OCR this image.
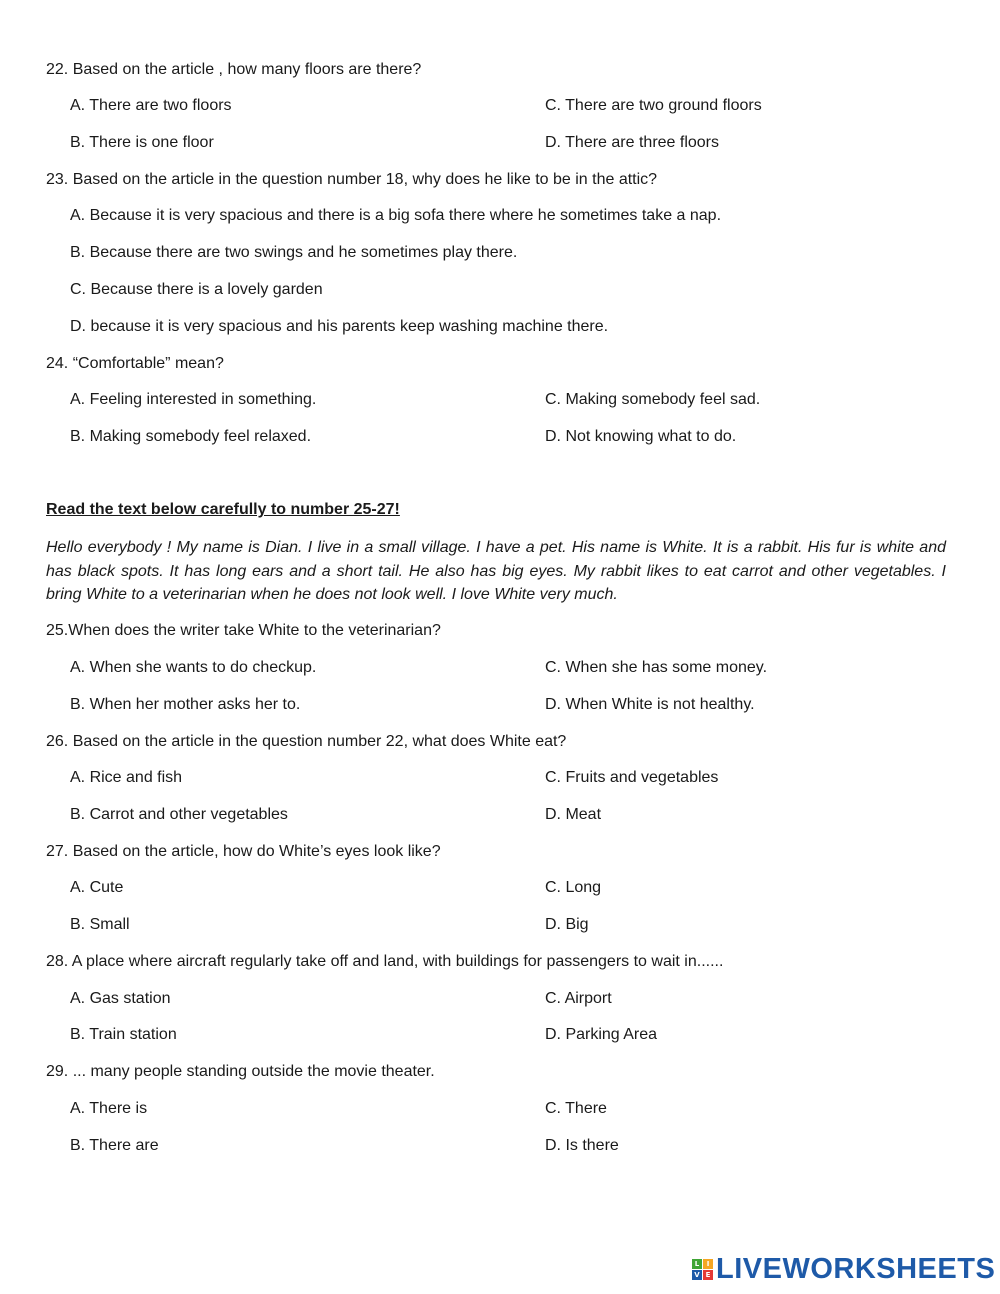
22. Based on the article , how many floors are there?
A. There are two floors	C. There are two ground floors
B. There is one floor	D. There are three floors
23. Based on the article in the question number 18, why does he like to be in the attic?
A. Because it is very spacious and there is a big sofa there where he sometimes take a nap.
B. Because there are two swings and he sometimes play there.
C. Because there is a lovely garden
D. because it is very spacious and his parents keep washing machine there.
24. “Comfortable” mean?
A. Feeling interested in something.	C. Making somebody feel sad.
B. Making somebody feel relaxed.	D. Not knowing what to do.
Read the text below carefully to number 25-27!
Hello everybody ! My name is Dian. I live in a small village. I have a pet. His name is White. It is a rabbit. His fur is white and has black spots. It has long ears and a short tail. He also has big eyes. My rabbit likes to eat carrot and other vegetables. I bring White to a veterinarian when he does not look well. I love White very much.
25.When does the writer take White to the veterinarian?
A. When she wants to do checkup.	C. When she has some money.
B. When her mother asks her to.	D. When White is not healthy.
26. Based on the article in the question number 22, what does White eat?
A. Rice and fish	C. Fruits and vegetables
B. Carrot and other vegetables	D. Meat
27. Based on the article, how do White’s eyes look like?
A. Cute	C. Long
B. Small	D. Big
28. A place where aircraft regularly take off and land, with buildings for passengers to wait in......
A. Gas station	C. Airport
B. Train station	D. Parking Area
29. ... many people standing outside the movie theater.
A. There is	C. There
B. There are	D. Is there
L	I
V E LIVEWORKSHEETS
